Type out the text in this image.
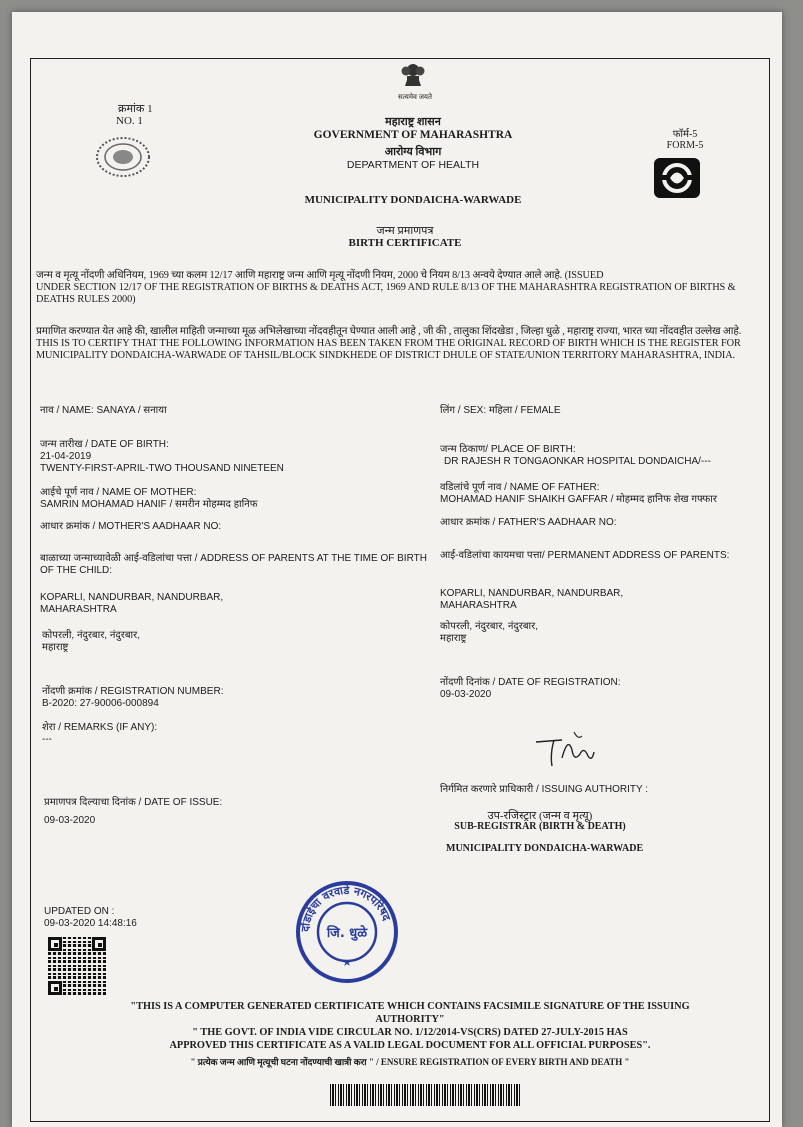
सत्यमेव जयते
क्रमांक 1
NO. 1	महाराष्ट्र शासन
GOVERNMENT OF MAHARASHTRA
आरोग्य विभाग
DEPARTMENT OF HEALTH
फॉर्म-5
FORM-5
MUNICIPALITY DONDAICHA-WARWADE
जन्म प्रमाणपत्र
BIRTH CERTIFICATE
जन्म व मृत्यू नोंदणी अधिनियम, 1969 च्या कलम 12/17 आणि महाराष्ट्र जन्म आणि मृत्यू नोंदणी नियम, 2000 चे नियम 8/13 अन्वये देण्यात आले आहे. (ISSUED
UNDER SECTION 12/17 OF THE REGISTRATION OF BIRTHS & DEATHS ACT, 1969 AND RULE 8/13 OF THE MAHARASHTRA REGISTRATION OF BIRTHS & DEATHS RULES 2000)
प्रमाणित करण्यात येत आहे की, खालील माहिती जन्माच्या मूळ अभिलेखाच्या नोंदवहीतून घेण्यात आली आहे , जी की , तालुका शिंदखेडा , जिल्हा धुळे , महाराष्ट्र राज्या, भारत च्या नोंदवहीत उल्लेख आहे.
THIS IS TO CERTIFY THAT THE FOLLOWING INFORMATION HAS BEEN TAKEN FROM THE ORIGINAL RECORD OF BIRTH WHICH IS THE REGISTER FOR MUNICIPALITY DONDAICHA-WARWADE OF TAHSIL/BLOCK SINDKHEDE OF DISTRICT DHULE OF STATE/UNION TERRITORY MAHARASHTRA, INDIA.
नाव / NAME: SANAYA / सनाया	लिंग / SEX: महिला / FEMALE
जन्म तारीख / DATE OF BIRTH:
21-04-2019
TWENTY-FIRST-APRIL-TWO THOUSAND NINETEEN
जन्म ठिकाण/ PLACE OF BIRTH:
DR RAJESH R TONGAONKAR HOSPITAL DONDAICHA/---
आईचे पूर्ण नाव / NAME OF MOTHER:
SAMRIN MOHAMAD HANIF / समरीन मोहम्मद हानिफ
वडिलांचे पूर्ण नाव / NAME OF FATHER:
MOHAMAD HANIF SHAIKH GAFFAR / मोहम्मद हानिफ शेख गफ्फार
आधार क्रमांक / MOTHER'S AADHAAR NO:	आधार क्रमांक / FATHER'S AADHAAR NO:
बाळाच्या जन्माच्यावेळी आई-वडिलांचा पत्ता / ADDRESS OF PARENTS AT THE TIME OF BIRTH OF THE CHILD:
KOPARLI, NANDURBAR, NANDURBAR,
MAHARASHTRA
कोपरली, नंदुरबार, नंदुरबार,
महाराष्ट्र
आई-वडिलांचा कायमचा पत्ता/ PERMANENT ADDRESS OF PARENTS:
KOPARLI, NANDURBAR, NANDURBAR,
MAHARASHTRA
कोपरली, नंदुरबार, नंदुरबार,
महाराष्ट्र
नोंदणी क्रमांक / REGISTRATION NUMBER:
B-2020: 27-90006-000894
नोंदणी दिनांक / DATE OF REGISTRATION:
09-03-2020
शेरा / REMARKS (IF ANY):
---
प्रमाणपत्र दिल्याचा दिनांक / DATE OF ISSUE:
09-03-2020
निर्गमित करणारे प्राधिकारी / ISSUING AUTHORITY :
उप-रजिस्ट्रार (जन्म व मृत्यू)
SUB-REGISTRAR (BIRTH & DEATH)
MUNICIPALITY DONDAICHA-WARWADE
दोंडाईचा वरवाडे नगरपरिषद
जि. धुळे
UPDATED ON :
09-03-2020 14:48:16
"THIS IS A COMPUTER GENERATED CERTIFICATE WHICH CONTAINS FACSIMILE SIGNATURE OF THE ISSUING AUTHORITY"
" THE GOVT. OF INDIA VIDE CIRCULAR NO. 1/12/2014-VS(CRS) DATED 27-JULY-2015 HAS
APPROVED THIS CERTIFICATE AS A VALID LEGAL DOCUMENT FOR ALL OFFICIAL PURPOSES".
" प्रत्येक जन्म आणि मृत्यूची घटना नोंदण्याची खात्री करा " / ENSURE REGISTRATION OF EVERY BIRTH AND DEATH "
